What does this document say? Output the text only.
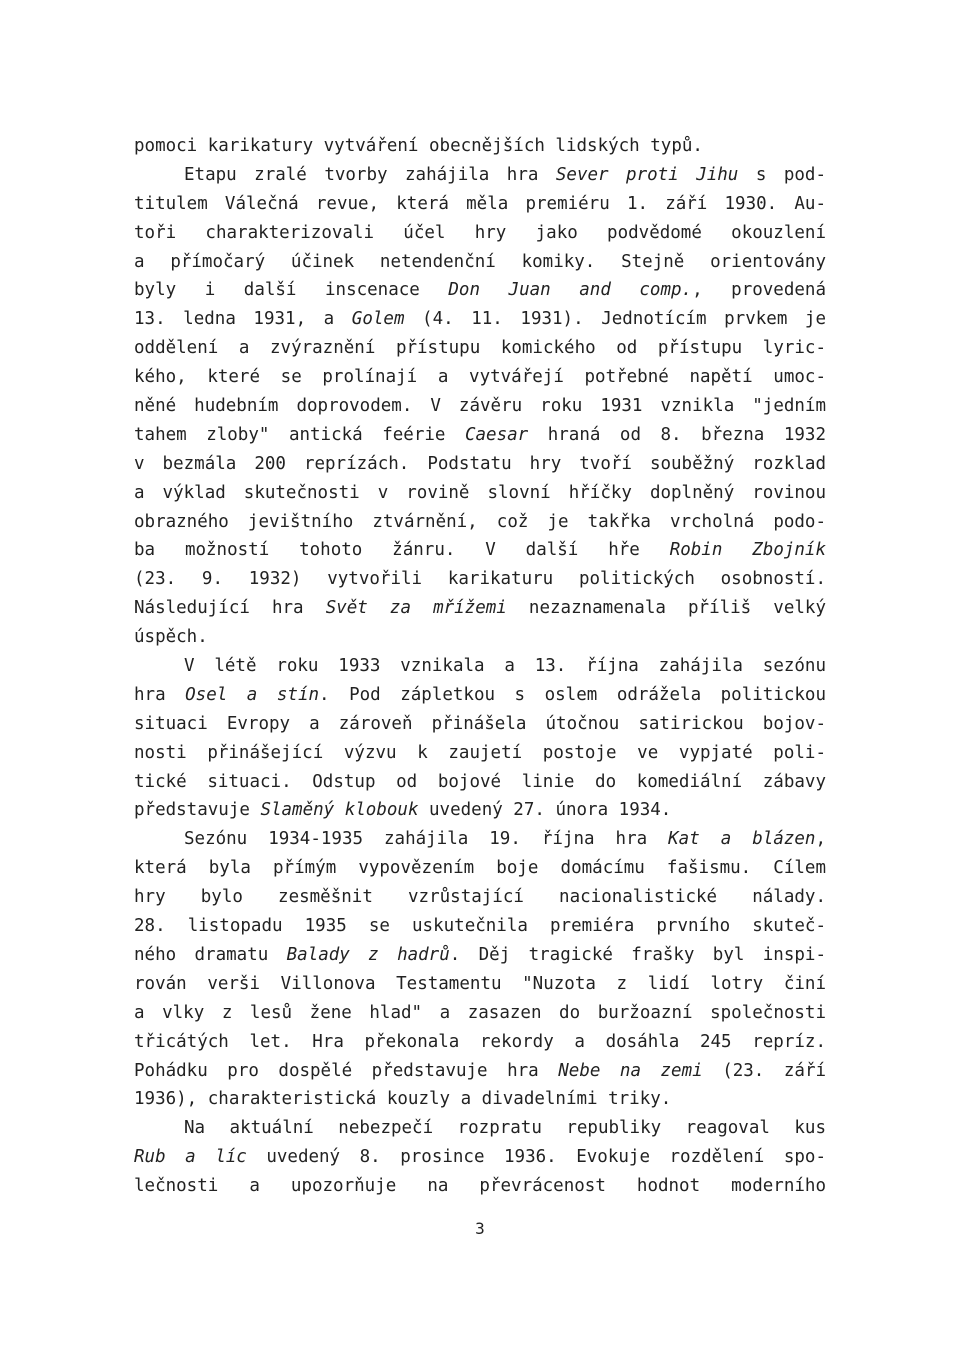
pomoci karikatury vytváření obecnějších lidských typů.
Etapu zralé tvorby zahájila hra Sever proti Jihu s pod-
titulem Válečná revue, která měla premiéru 1. září 1930. Au-
toři charakterizovali účel hry jako podvědomé okouzlení
a přímočarý účinek netendenční komiky. Stejně orientovány
byly i další inscenace Don Juan and comp., provedená
13. ledna 1931, a Golem (4. 11. 1931). Jednotícím prvkem je
oddělení a zvýraznění přístupu komického od přístupu lyric-
kého, které se prolínají a vytvářejí potřebné napětí umoc-
něné hudebním doprovodem. V závěru roku 1931 vznikla "jedním
tahem zloby" antická feérie Caesar hraná od 8. března 1932
v bezmála 200 reprízách. Podstatu hry tvoří souběžný rozklad
a výklad skutečnosti v rovině slovní hříčky doplněný rovinou
obrazného jevištního ztvárnění, což je takřka vrcholná podo-
ba možností tohoto žánru. V další hře Robin Zbojník
(23. 9. 1932) vytvořili karikaturu politických osobností.
Následující hra Svět za mřížemi nezaznamenala příliš velký
úspěch.
V létě roku 1933 vznikala a 13. října zahájila sezónu
hra Osel a stín. Pod zápletkou s oslem odrážela politickou
situaci Evropy a zároveň přinášela útočnou satirickou bojov-
nosti přinášející výzvu k zaujetí postoje ve vypjaté poli-
tické situaci. Odstup od bojové linie do komediální zábavy
představuje Slaměný klobouk uvedený 27. února 1934.
Sezónu 1934-1935 zahájila 19. října hra Kat a blázen,
která byla přímým vypovězením boje domácímu fašismu. Cílem
hry bylo zesměšnit vzrůstající nacionalistické nálady.
28. listopadu 1935 se uskutečnila premiéra prvního skuteč-
ného dramatu Balady z hadrů. Děj tragické frašky byl inspi-
rován verši Villonova Testamentu "Nuzota z lidí lotry činí
a vlky z lesů žene hlad" a zasazen do buržoazní společnosti
třicátých let. Hra překonala rekordy a dosáhla 245 repríz.
Pohádku pro dospělé představuje hra Nebe na zemi (23. září
1936), charakteristická kouzly a divadelními triky.
Na aktuální nebezpečí rozpratu republiky reagoval kus
Rub a líc uvedený 8. prosince 1936. Evokuje rozdělení spo-
lečnosti a upozorňuje na převrácenost hodnot moderního
3
